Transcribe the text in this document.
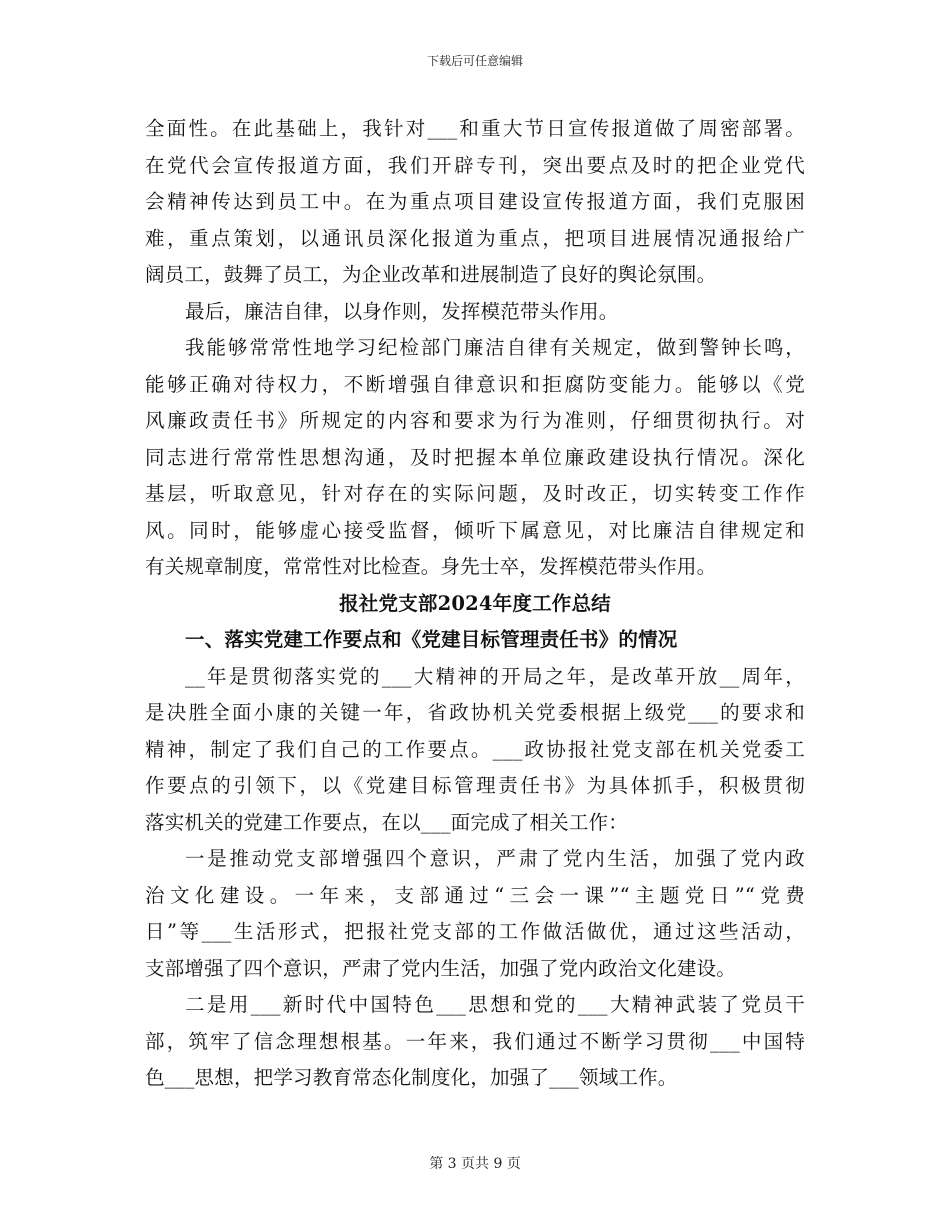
下载后可任意编辑
全面性。在此基础上，我针对___和重大节日宣传报道做了周密部署。
在党代会宣传报道方面，我们开辟专刊，突出要点及时的把企业党代
会精神传达到员工中。在为重点项目建设宣传报道方面，我们克服困
难，重点策划，以通讯员深化报道为重点，把项目进展情况通报给广
阔员工，鼓舞了员工，为企业改革和进展制造了良好的舆论氛围。
最后，廉洁自律，以身作则，发挥模范带头作用。
我能够常常性地学习纪检部门廉洁自律有关规定，做到警钟长鸣，
能够正确对待权力，不断增强自律意识和拒腐防变能力。能够以《党
风廉政责任书》所规定的内容和要求为行为准则，仔细贯彻执行。对
同志进行常常性思想沟通，及时把握本单位廉政建设执行情况。深化
基层，听取意见，针对存在的实际问题，及时改正，切实转变工作作
风。同时，能够虚心接受监督，倾听下属意见，对比廉洁自律规定和
有关规章制度，常常性对比检查。身先士卒，发挥模范带头作用。
报社党支部2024年度工作总结
一、落实党建工作要点和《党建目标管理责任书》的情况
__年是贯彻落实党的___大精神的开局之年，是改革开放__周年，
是决胜全面小康的关键一年，省政协机关党委根据上级党___的要求和
精神，制定了我们自己的工作要点。___政协报社党支部在机关党委工
作要点的引领下，以《党建目标管理责任书》为具体抓手，积极贯彻
落实机关的党建工作要点，在以___面完成了相关工作：
一是推动党支部增强四个意识，严肃了党内生活，加强了党内政
治文化建设。一年来，支部通过“三会一课”“主题党日”“党费
日”等___生活形式，把报社党支部的工作做活做优，通过这些活动，
支部增强了四个意识，严肃了党内生活，加强了党内政治文化建设。
二是用___新时代中国特色___思想和党的___大精神武装了党员干
部，筑牢了信念理想根基。一年来，我们通过不断学习贯彻___中国特
色___思想，把学习教育常态化制度化，加强了___领域工作。
第 3 页共 9 页
